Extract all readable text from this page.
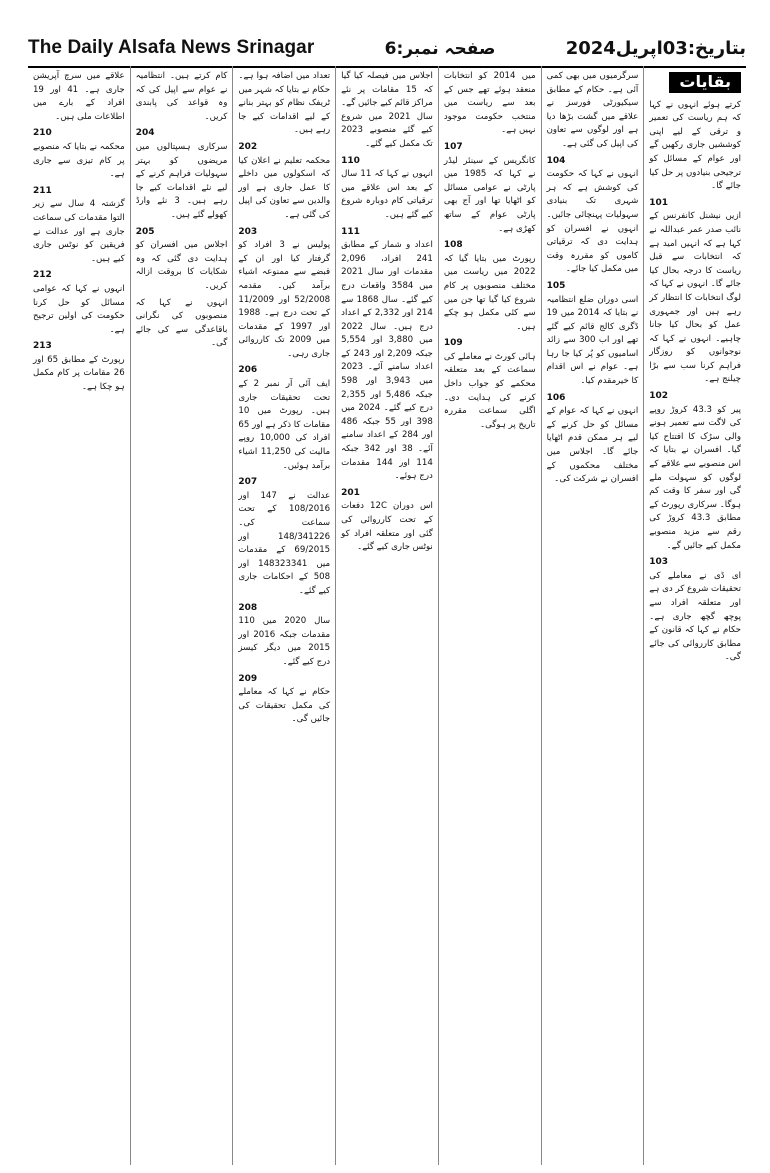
The Daily Alsafa News Srinagar	صفحہ نمبر:6	بتاریخ:03اپریل2024
بقایات
کرتے ہوئے انہوں نے کہا کہ ہم ریاست کی تعمیر و ترقی کے لیے اپنی کوششیں جاری رکھیں گے اور عوام کے مسائل کو ترجیحی بنیادوں پر حل کیا جائے گا۔
101
ازیں نیشنل کانفرنس کے نائب صدر عمر عبداللہ نے کہا ہے کہ انہیں امید ہے کہ انتخابات سے قبل ریاست کا درجہ بحال کیا جائے گا۔ انہوں نے کہا کہ لوگ انتخابات کا انتظار کر رہے ہیں اور جمہوری عمل کو بحال کیا جانا چاہیے۔ انہوں نے کہا کہ نوجوانوں کو روزگار فراہم کرنا سب سے بڑا چیلنج ہے۔
102
پیر کو 43.3 کروڑ روپے کی لاگت سے تعمیر ہونے والی سڑک کا افتتاح کیا گیا۔ افسران نے بتایا کہ اس منصوبے سے علاقے کے لوگوں کو سہولت ملے گی اور سفر کا وقت کم ہوگا۔ سرکاری رپورٹ کے مطابق 43.3 کروڑ کی رقم سے مزید منصوبے مکمل کیے جائیں گے۔
103
ای ڈی نے معاملے کی تحقیقات شروع کر دی ہے اور متعلقہ افراد سے پوچھ گچھ جاری ہے۔ حکام نے کہا کہ قانون کے مطابق کارروائی کی جائے گی۔
سرگرمیوں میں بھی کمی آئی ہے۔ حکام کے مطابق سیکیورٹی فورسز نے علاقے میں گشت بڑھا دیا ہے اور لوگوں سے تعاون کی اپیل کی گئی ہے۔
104
انہوں نے کہا کہ حکومت کی کوشش ہے کہ ہر شہری تک بنیادی سہولیات پہنچائی جائیں۔ انہوں نے افسران کو ہدایت دی کہ ترقیاتی کاموں کو مقررہ وقت میں مکمل کیا جائے۔
105
اسی دوران ضلع انتظامیہ نے بتایا کہ 2014 میں 19 ڈگری کالج قائم کیے گئے تھے اور اب 300 سے زائد اسامیوں کو پُر کیا جا رہا ہے۔ عوام نے اس اقدام کا خیرمقدم کیا۔
106
انہوں نے کہا کہ عوام کے مسائل کو حل کرنے کے لیے ہر ممکن قدم اٹھایا جائے گا۔ اجلاس میں مختلف محکموں کے افسران نے شرکت کی۔
میں 2014 کو انتخابات منعقد ہوئے تھے جس کے بعد سے ریاست میں منتخب حکومت موجود نہیں ہے۔
107
کانگریس کے سینئر لیڈر نے کہا کہ 1985 میں پارٹی نے عوامی مسائل کو اٹھایا تھا اور آج بھی پارٹی عوام کے ساتھ کھڑی ہے۔
108
رپورٹ میں بتایا گیا کہ 2022 میں ریاست میں مختلف منصوبوں پر کام شروع کیا گیا تھا جن میں سے کئی مکمل ہو چکے ہیں۔
109
ہائی کورٹ نے معاملے کی سماعت کے بعد متعلقہ محکمے کو جواب داخل کرنے کی ہدایت دی۔ اگلی سماعت مقررہ تاریخ پر ہوگی۔
اجلاس میں فیصلہ کیا گیا کہ 15 مقامات پر نئے مراکز قائم کیے جائیں گے۔ سال 2021 میں شروع کیے گئے منصوبے 2023 تک مکمل کیے گئے۔
110
انہوں نے کہا کہ 11 سال کے بعد اس علاقے میں ترقیاتی کام دوبارہ شروع کیے گئے ہیں۔
111
اعداد و شمار کے مطابق 241 افراد، 2,096 مقدمات اور سال 2021 میں 3584 واقعات درج کیے گئے۔ سال 1868 سے 214 اور 2,332 کے اعداد درج ہیں۔ سال 2022 میں 3,880 اور 5,554 جبکہ 2,209 اور 243 کے اعداد سامنے آئے۔ 2023 میں 3,943 اور 598 جبکہ 5,486 اور 2,355 درج کیے گئے۔ 2024 میں 398 اور 55 جبکہ 486 اور 284 کے اعداد سامنے آئے۔ 38 اور 342 جبکہ 114 اور 144 مقدمات درج ہوئے۔
201
اس دوران 12C دفعات کے تحت کارروائی کی گئی اور متعلقہ افراد کو نوٹس جاری کیے گئے۔
تعداد میں اضافہ ہوا ہے۔ حکام نے بتایا کہ شہر میں ٹریفک نظام کو بہتر بنانے کے لیے اقدامات کیے جا رہے ہیں۔
202
محکمہ تعلیم نے اعلان کیا کہ اسکولوں میں داخلے کا عمل جاری ہے اور والدین سے تعاون کی اپیل کی گئی ہے۔
203
پولیس نے 3 افراد کو گرفتار کیا اور ان کے قبضے سے ممنوعہ اشیاء برآمد کیں۔ مقدمہ 52/2008 اور 11/2009 کے تحت درج ہے۔ 1988 اور 1997 کے مقدمات میں 2009 تک کارروائی جاری رہی۔
206
ایف آئی آر نمبر 2 کے تحت تحقیقات جاری ہیں۔ رپورٹ میں 10 مقامات کا ذکر ہے اور 65 افراد کی 10,000 روپے مالیت کی 11,250 اشیاء برآمد ہوئیں۔
207
عدالت نے 147 اور 108/2016 کے تحت سماعت کی۔ 148/341226 اور 69/2015 کے مقدمات میں 148323341 اور 508 کے احکامات جاری کیے گئے۔
208
سال 2020 میں 110 مقدمات جبکہ 2016 اور 2015 میں دیگر کیسز درج کیے گئے۔
209
حکام نے کہا کہ معاملے کی مکمل تحقیقات کی جائیں گی۔
کام کرتے ہیں۔ انتظامیہ نے عوام سے اپیل کی کہ وہ قواعد کی پابندی کریں۔
204
سرکاری ہسپتالوں میں مریضوں کو بہتر سہولیات فراہم کرنے کے لیے نئے اقدامات کیے جا رہے ہیں۔ 3 نئے وارڈ کھولے گئے ہیں۔
205
اجلاس میں افسران کو ہدایت دی گئی کہ وہ شکایات کا بروقت ازالہ کریں۔
انہوں نے کہا کہ منصوبوں کی نگرانی باقاعدگی سے کی جائے گی۔
علاقے میں سرچ آپریشن جاری ہے۔ 41 اور 19 افراد کے بارے میں اطلاعات ملی ہیں۔
210
محکمہ نے بتایا کہ منصوبے پر کام تیزی سے جاری ہے۔
211
گزشتہ 4 سال سے زیر التوا مقدمات کی سماعت جاری ہے اور عدالت نے فریقین کو نوٹس جاری کیے ہیں۔
212
انہوں نے کہا کہ عوامی مسائل کو حل کرنا حکومت کی اولین ترجیح ہے۔
213
رپورٹ کے مطابق 65 اور 26 مقامات پر کام مکمل ہو چکا ہے۔
